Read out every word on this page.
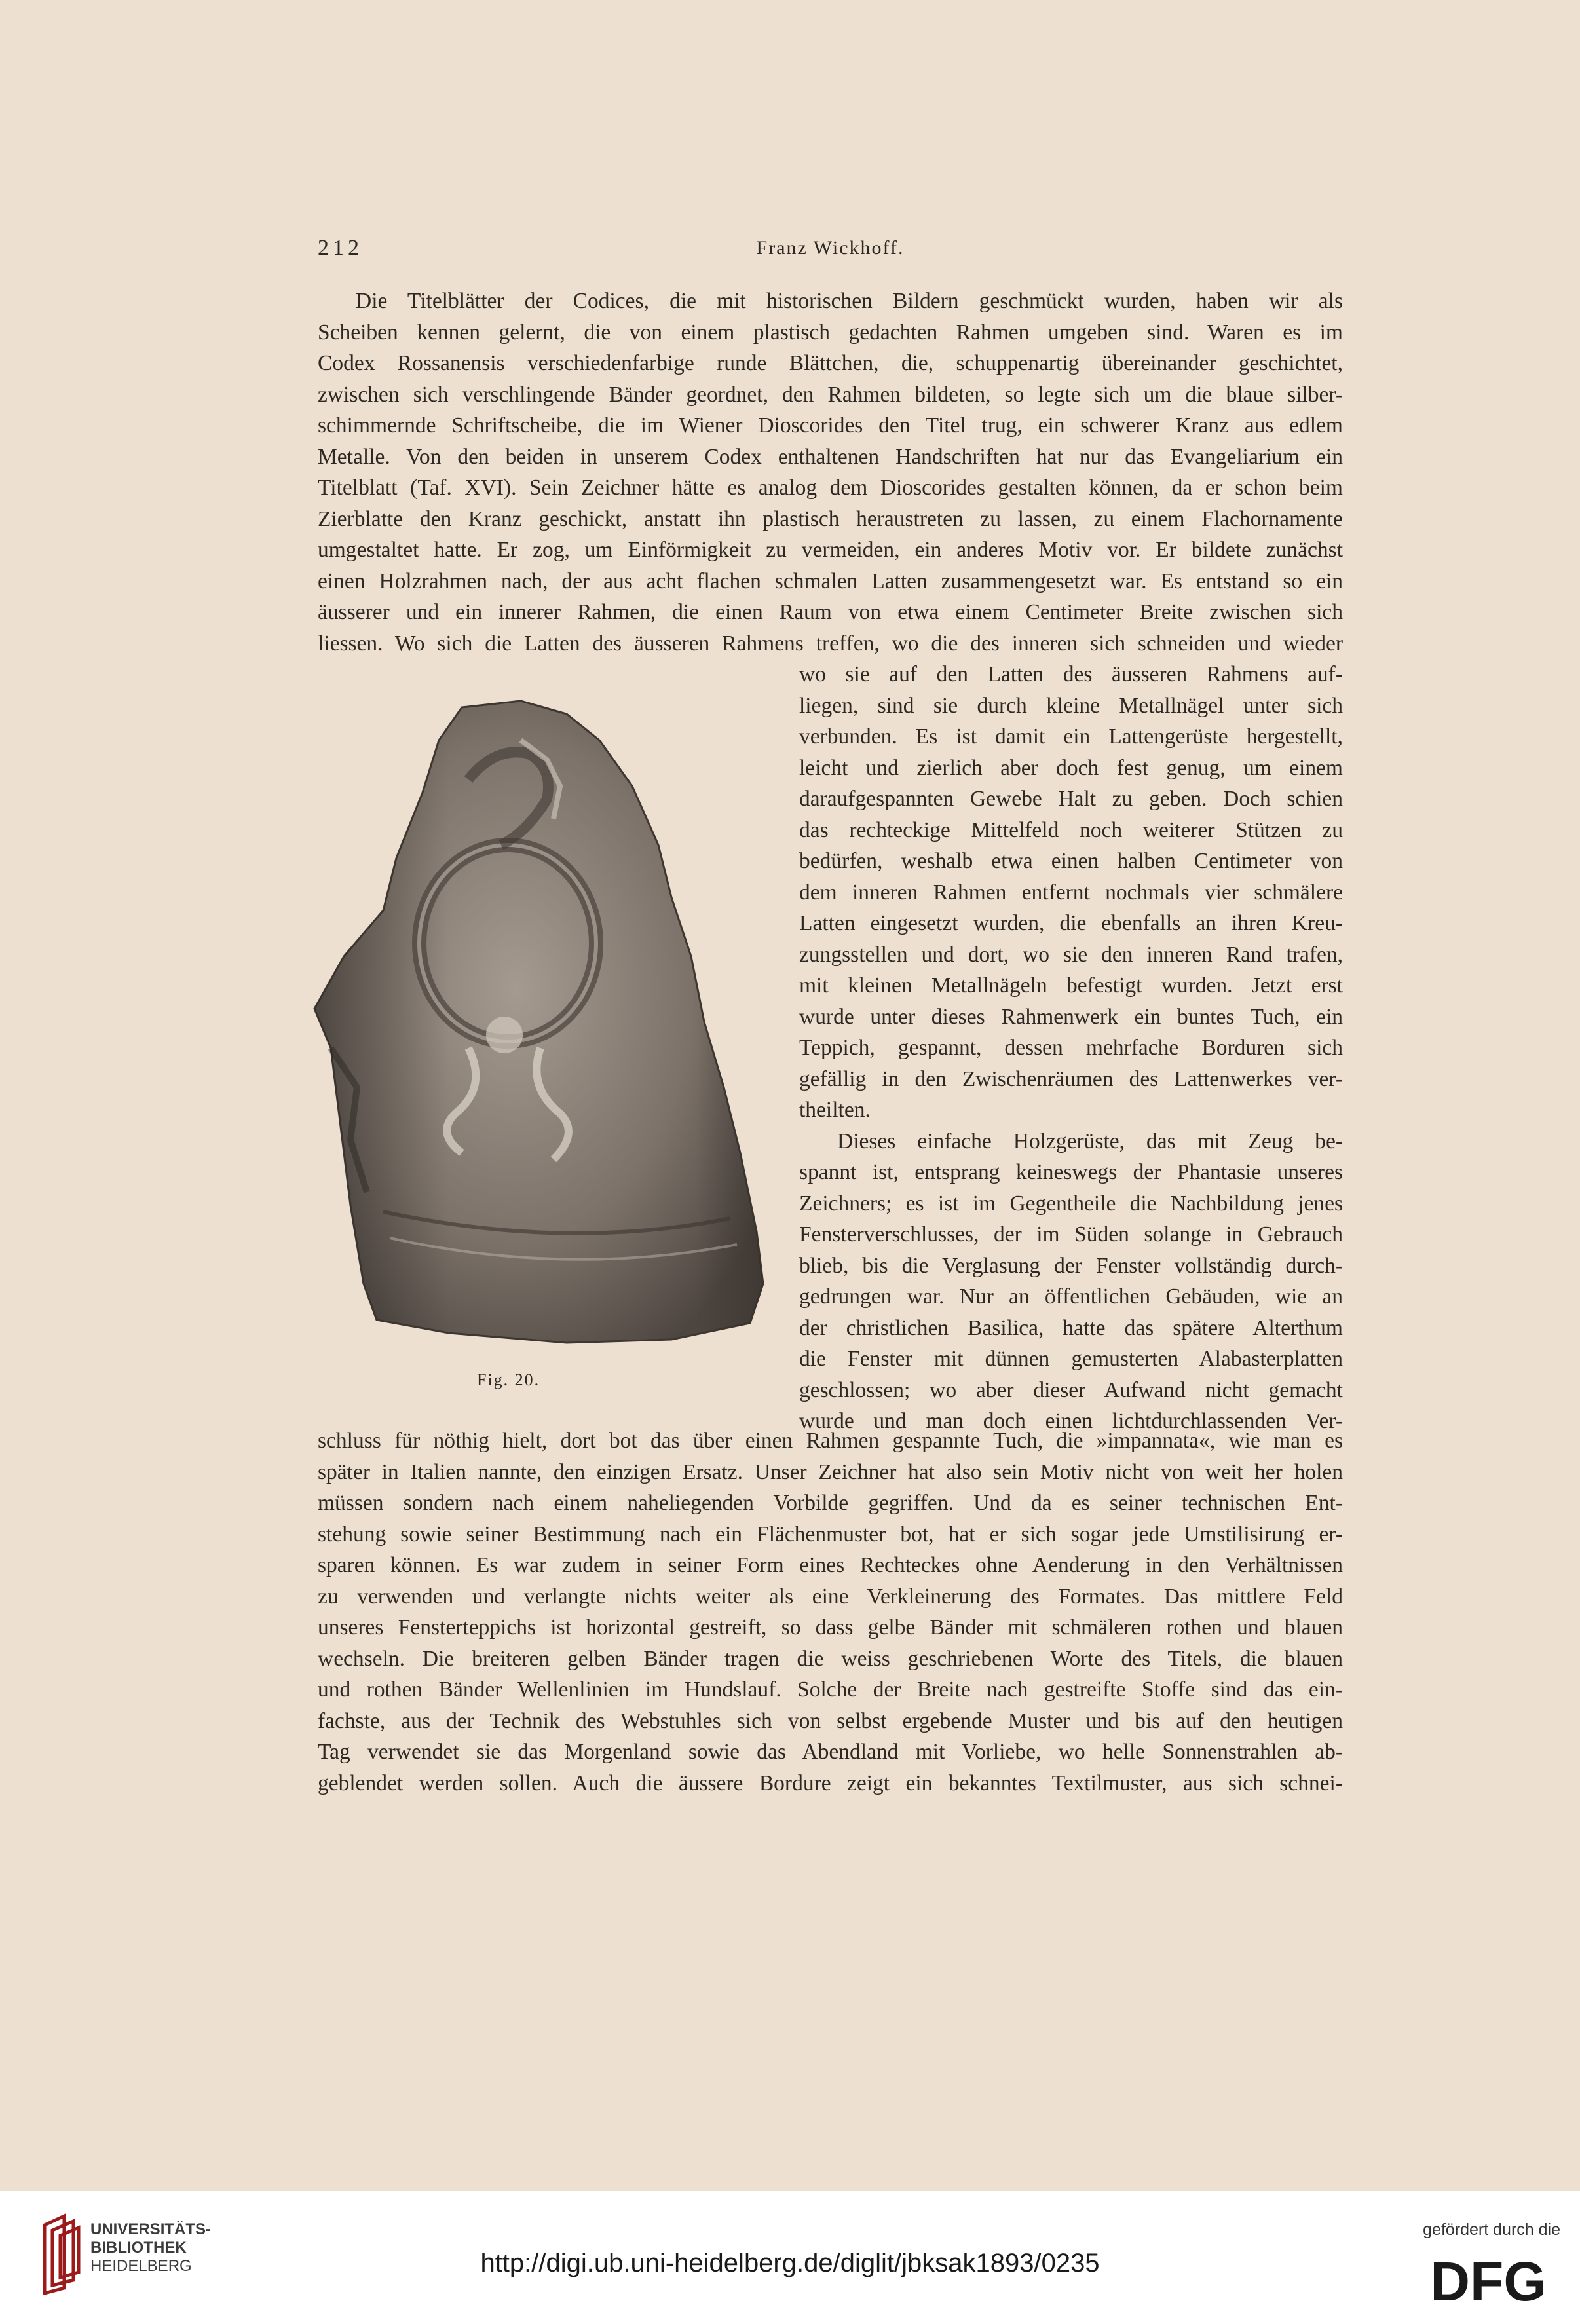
212	Franz Wickhoff.
Die Titelblätter der Codices, die mit historischen Bildern geschmückt wurden, haben wir als
Scheiben kennen gelernt, die von einem plastisch gedachten Rahmen umgeben sind. Waren es im
Codex Rossanensis verschiedenfarbige runde Blättchen, die, schuppenartig übereinander geschichtet,
zwischen sich verschlingende Bänder geordnet, den Rahmen bildeten, so legte sich um die blaue silber-
schimmernde Schriftscheibe, die im Wiener Dioscorides den Titel trug, ein schwerer Kranz aus edlem
Metalle. Von den beiden in unserem Codex enthaltenen Handschriften hat nur das Evangeliarium ein
Titelblatt (Taf. XVI). Sein Zeichner hätte es analog dem Dioscorides gestalten können, da er schon beim
Zierblatte den Kranz geschickt, anstatt ihn plastisch heraustreten zu lassen, zu einem Flachornamente
umgestaltet hatte. Er zog, um Einförmigkeit zu vermeiden, ein anderes Motiv vor. Er bildete zunächst
einen Holzrahmen nach, der aus acht flachen schmalen Latten zusammengesetzt war. Es entstand so ein
äusserer und ein innerer Rahmen, die einen Raum von etwa einem Centimeter Breite zwischen sich
liessen. Wo sich die Latten des äusseren Rahmens treffen, wo die des inneren sich schneiden und wieder
Fig. 20.
wo sie auf den Latten des äusseren Rahmens auf-
liegen, sind sie durch kleine Metallnägel unter sich
verbunden. Es ist damit ein Lattengerüste hergestellt,
leicht und zierlich aber doch fest genug, um einem
daraufgespannten Gewebe Halt zu geben. Doch schien
das rechteckige Mittelfeld noch weiterer Stützen zu
bedürfen, weshalb etwa einen halben Centimeter von
dem inneren Rahmen entfernt nochmals vier schmälere
Latten eingesetzt wurden, die ebenfalls an ihren Kreu-
zungsstellen und dort, wo sie den inneren Rand trafen,
mit kleinen Metallnägeln befestigt wurden. Jetzt erst
wurde unter dieses Rahmenwerk ein buntes Tuch, ein
Teppich, gespannt, dessen mehrfache Borduren sich
gefällig in den Zwischenräumen des Lattenwerkes ver-
theilten.
Dieses einfache Holzgerüste, das mit Zeug be-
spannt ist, entsprang keineswegs der Phantasie unseres
Zeichners; es ist im Gegentheile die Nachbildung jenes
Fensterverschlusses, der im Süden solange in Gebrauch
blieb, bis die Verglasung der Fenster vollständig durch-
gedrungen war. Nur an öffentlichen Gebäuden, wie an
der christlichen Basilica, hatte das spätere Alterthum
die Fenster mit dünnen gemusterten Alabasterplatten
geschlossen; wo aber dieser Aufwand nicht gemacht
wurde und man doch einen lichtdurchlassenden Ver-
schluss für nöthig hielt, dort bot das über einen Rahmen gespannte Tuch, die »impannata«, wie man es
später in Italien nannte, den einzigen Ersatz. Unser Zeichner hat also sein Motiv nicht von weit her holen
müssen sondern nach einem naheliegenden Vorbilde gegriffen. Und da es seiner technischen Ent-
stehung sowie seiner Bestimmung nach ein Flächenmuster bot, hat er sich sogar jede Umstilisirung er-
sparen können. Es war zudem in seiner Form eines Rechteckes ohne Aenderung in den Verhältnissen
zu verwenden und verlangte nichts weiter als eine Verkleinerung des Formates. Das mittlere Feld
unseres Fensterteppichs ist horizontal gestreift, so dass gelbe Bänder mit schmäleren rothen und blauen
wechseln. Die breiteren gelben Bänder tragen die weiss geschriebenen Worte des Titels, die blauen
und rothen Bänder Wellenlinien im Hundslauf. Solche der Breite nach gestreifte Stoffe sind das ein-
fachste, aus der Technik des Webstuhles sich von selbst ergebende Muster und bis auf den heutigen
Tag verwendet sie das Morgenland sowie das Abendland mit Vorliebe, wo helle Sonnenstrahlen ab-
geblendet werden sollen. Auch die äussere Bordure zeigt ein bekanntes Textilmuster, aus sich schnei-
UNIVERSITÄTS-
BIBLIOTHEK
HEIDELBERG	http://digi.ub.uni-heidelberg.de/diglit/jbksak1893/0235
gefördert durch die
DFG
